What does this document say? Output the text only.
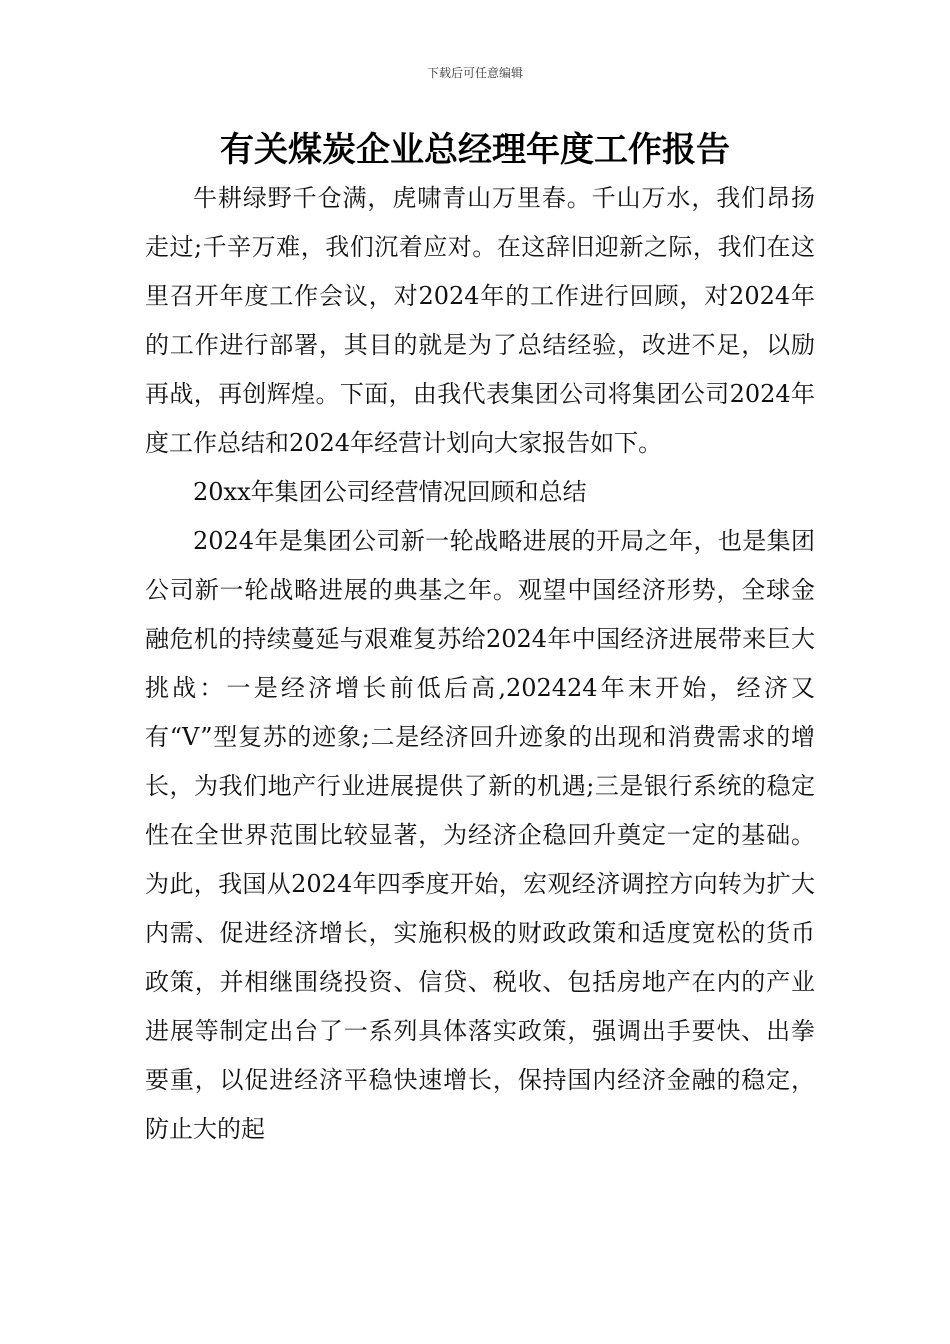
下载后可任意编辑
有关煤炭企业总经理年度工作报告

牛耕绿野千仓满，虎啸青山万里春。千山万水，我们昂扬走过;千辛万难，我们沉着应对。在这辞旧迎新之际，我们在这里召开年度工作会议，对2024年的工作进行回顾，对2024年的工作进行部署，其目的就是为了总结经验，改进不足，以励再战，再创辉煌。下面，由我代表集团公司将集团公司2024年度工作总结和2024年经营计划向大家报告如下。

20xx年集团公司经营情况回顾和总结

2024年是集团公司新一轮战略进展的开局之年，也是集团公司新一轮战略进展的典基之年。观望中国经济形势，全球金融危机的持续蔓延与艰难复苏给2024年中国经济进展带来巨大挑战：一是经济增长前低后高,202424年末开始，经济又有“V”型复苏的迹象;二是经济回升迹象的出现和消费需求的增长，为我们地产行业进展提供了新的机遇;三是银行系统的稳定性在全世界范围比较显著，为经济企稳回升奠定一定的基础。为此，我国从2024年四季度开始，宏观经济调控方向转为扩大内需、促进经济增长，实施积极的财政政策和适度宽松的货币政策，并相继围绕投资、信贷、税收、包括房地产在内的产业进展等制定出台了一系列具体落实政策，强调出手要快、出拳要重，以促进经济平稳快速增长，保持国内经济金融的稳定，防止大的起
